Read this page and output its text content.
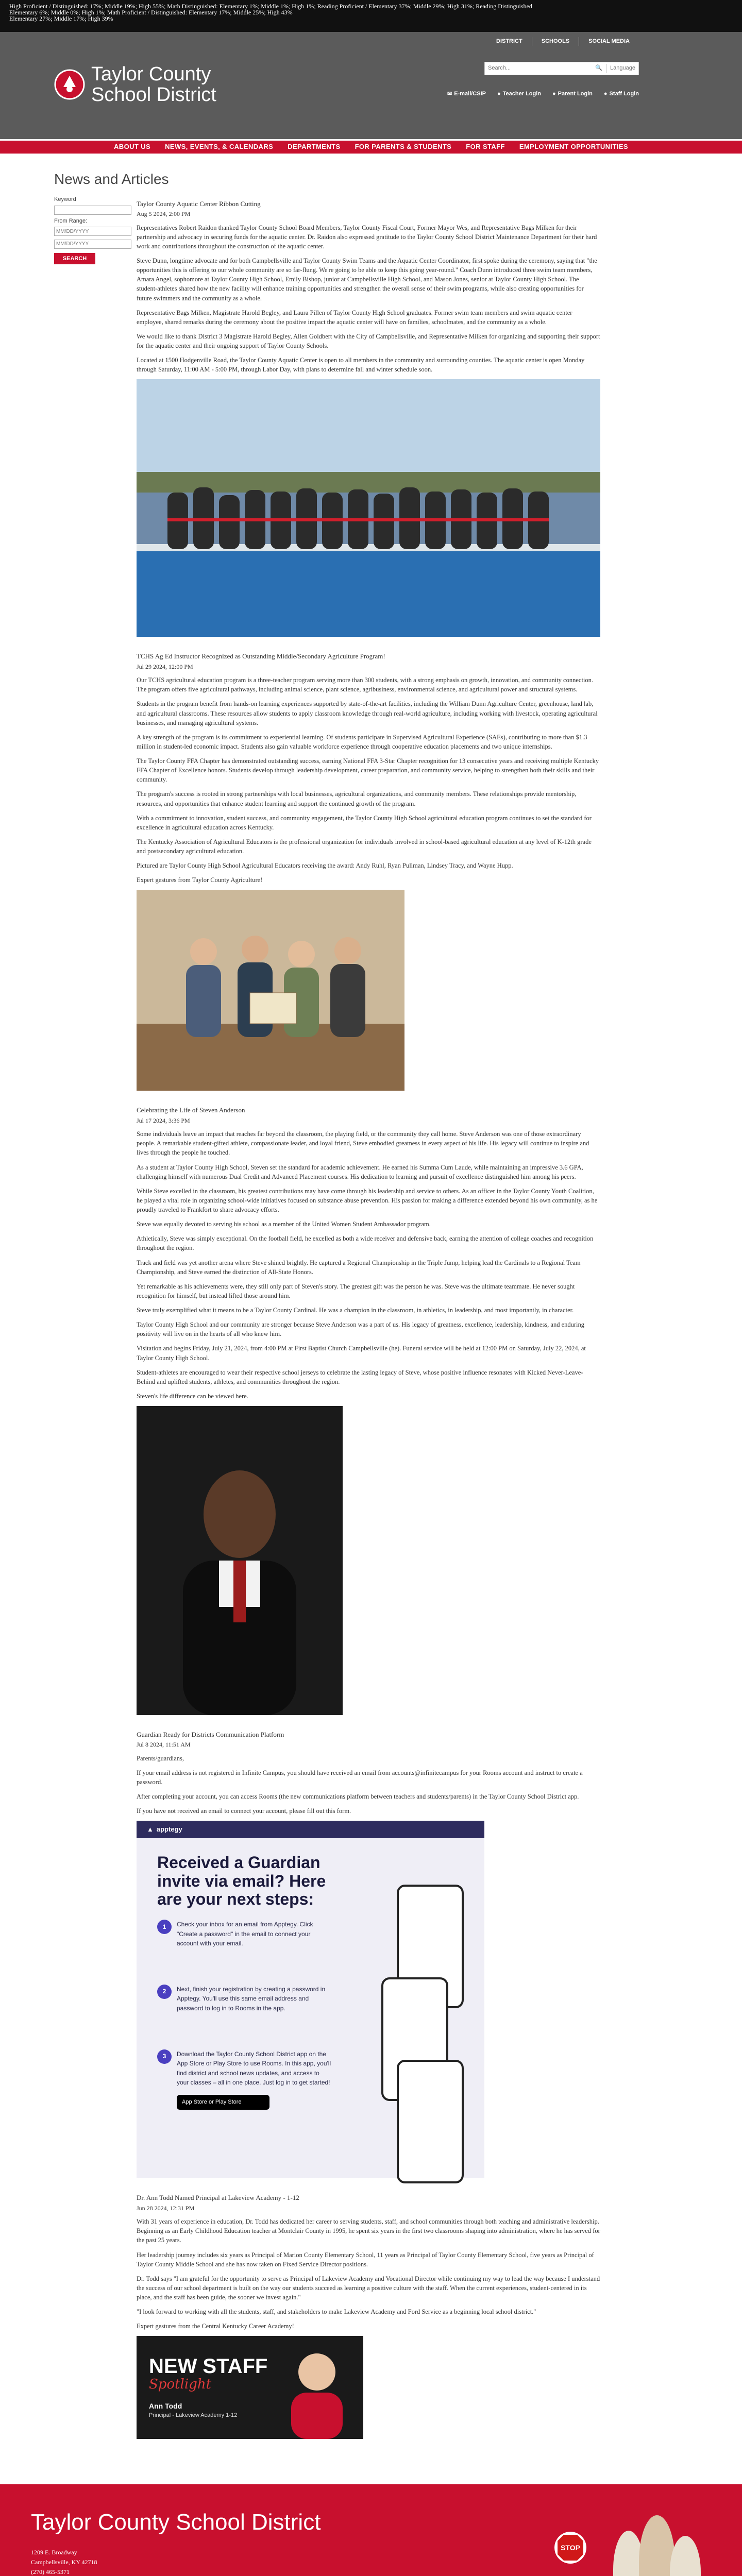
High Proficient / Distinguished: 17%; Middle 19%; High 55%; Math Distinguished: Elementary 1%; Middle 1%; High 1%; Reading Proficient / Elementary 37%; Middle 29%; High 31%; Reading Distinguished
Elementary 6%; Middle 0%; High 1%; Math Proficient / Distinguished: Elementary 17%; Middle 25%; High 43%
Elementary 27%; Middle 17%; High 39%
DISTRICT	SCHOOLS	SOCIAL MEDIA
Taylor County
School District
Search...	🔍	Language
✉ E-mail/CSIP ● Teacher Login ● Parent Login ● Staff Login
ABOUT US	NEWS, EVENTS, & CALENDARS	DEPARTMENTS	FOR PARENTS & STUDENTS	FOR STAFF	EMPLOYMENT OPPORTUNITIES
News and Articles
Keyword
From Range:
MM/DD/YYYY
MM/DD/YYYY
SEARCH
Taylor County Aquatic Center Ribbon Cutting
Aug 5 2024, 2:00 PM

Representatives Robert Raidon thanked Taylor County School Board Members, Taylor County Fiscal Court, Former Mayor Wes, and Representative Bags Milken for their partnership and advocacy in securing funds for the aquatic center. Dr. Raidon also expressed gratitude to the Taylor County School District Maintenance Department for their hard work and contributions throughout the construction of the aquatic center.

Steve Dunn, longtime advocate and for both Campbellsville and Taylor County Swim Teams and the Aquatic Center Coordinator, first spoke during the ceremony, saying that "the opportunities this is offering to our whole community are so far-flung. We're going to be able to keep this going year-round." Coach Dunn introduced three swim team members, Amara Angel, sophomore at Taylor County High School, Emily Bishop, junior at Campbellsville High School, and Mason Jones, senior at Taylor County High School. The student-athletes shared how the new facility will enhance training opportunities and strengthen the overall sense of their swim programs, while also creating opportunities for future swimmers and the community as a whole.

Representative Bags Milken, Magistrate Harold Begley, and Laura Pillen of Taylor County High School graduates. Former swim team members and swim aquatic center employee, shared remarks during the ceremony about the positive impact the aquatic center will have on families, schoolmates, and the community as a whole.

We would like to thank District 3 Magistrate Harold Begley, Allen Goldbert with the City of Campbellsville, and Representative Milken for organizing and supporting their support for the aquatic center and their ongoing support of Taylor County Schools.

Located at 1500 Hodgenville Road, the Taylor County Aquatic Center is open to all members in the community and surrounding counties. The aquatic center is open Monday through Saturday, 11:00 AM - 5:00 PM, through Labor Day, with plans to determine fall and winter schedule soon.

TCHS Ag Ed Instructor Recognized as Outstanding Middle/Secondary Agriculture Program!
Jul 29 2024, 12:00 PM

Our TCHS agricultural education program is a three-teacher program serving more than 300 students, with a strong emphasis on growth, innovation, and community connection. The program offers five agricultural pathways, including animal science, plant science, agribusiness, environmental science, and agricultural power and structural systems.

Students in the program benefit from hands-on learning experiences supported by state-of-the-art facilities, including the William Dunn Agriculture Center, greenhouse, land lab, and agricultural classrooms. These resources allow students to apply classroom knowledge through real-world agriculture, including working with livestock, operating agricultural businesses, and managing agricultural systems.

A key strength of the program is its commitment to experiential learning. Of students participate in Supervised Agricultural Experience (SAEs), contributing to more than $1.3 million in student-led economic impact. Students also gain valuable workforce experience through cooperative education placements and two unique internships.

The Taylor County FFA Chapter has demonstrated outstanding success, earning National FFA 3-Star Chapter recognition for 13 consecutive years and receiving multiple Kentucky FFA Chapter of Excellence honors. Students develop through leadership development, career preparation, and community service, helping to strengthen both their skills and their community.

The program's success is rooted in strong partnerships with local businesses, agricultural organizations, and community members. These relationships provide mentorship, resources, and opportunities that enhance student learning and support the continued growth of the program.

With a commitment to innovation, student success, and community engagement, the Taylor County High School agricultural education program continues to set the standard for excellence in agricultural education across Kentucky.

The Kentucky Association of Agricultural Educators is the professional organization for individuals involved in school-based agricultural education at any level of K-12th grade and postsecondary agricultural education.

Pictured are Taylor County High School Agricultural Educators receiving the award: Andy Ruhl, Ryan Pullman, Lindsey Tracy, and Wayne Hupp.

Expert gestures from Taylor County Agriculture!

Celebrating the Life of Steven Anderson
Jul 17 2024, 3:36 PM

Some individuals leave an impact that reaches far beyond the classroom, the playing field, or the community they call home. Steve Anderson was one of those extraordinary people. A remarkable student-gifted athlete, compassionate leader, and loyal friend, Steve embodied greatness in every aspect of his life. His legacy will continue to inspire and lives through the people he touched.

As a student at Taylor County High School, Steven set the standard for academic achievement. He earned his Summa Cum Laude, while maintaining an impressive 3.6 GPA, challenging himself with numerous Dual Credit and Advanced Placement courses. His dedication to learning and pursuit of excellence distinguished him among his peers.

While Steve excelled in the classroom, his greatest contributions may have come through his leadership and service to others. As an officer in the Taylor County Youth Coalition, he played a vital role in organizing school-wide initiatives focused on substance abuse prevention. His passion for making a difference extended beyond his own community, as he proudly traveled to Frankfort to share advocacy efforts.

Steve was equally devoted to serving his school as a member of the United Women Student Ambassador program.

Athletically, Steve was simply exceptional. On the football field, he excelled as both a wide receiver and defensive back, earning the attention of college coaches and recognition throughout the region.

Track and field was yet another arena where Steve shined brightly. He captured a Regional Championship in the Triple Jump, helping lead the Cardinals to a Regional Team Championship, and Steve earned the distinction of All-State Honors.

Yet remarkable as his achievements were, they still only part of Steven's story. The greatest gift was the person he was. Steve was the ultimate teammate. He never sought recognition for himself, but instead lifted those around him.

Steve truly exemplified what it means to be a Taylor County Cardinal. He was a champion in the classroom, in athletics, in leadership, and most importantly, in character.

Taylor County High School and our community are stronger because Steve Anderson was a part of us. His legacy of greatness, excellence, leadership, kindness, and enduring positivity will live on in the hearts of all who knew him.

Visitation and begins Friday, July 21, 2024, from 4:00 PM at First Baptist Church Campbellsville (he). Funeral service will be held at 12:00 PM on Saturday, July 22, 2024, at Taylor County High School.

Student-athletes are encouraged to wear their respective school jerseys to celebrate the lasting legacy of Steve, whose positive influence resonates with Kicked Never-Leave-Behind and uplifted students, athletes, and communities throughout the region.

Steven's life difference can be viewed here.

Guardian Ready for Districts Communication Platform
Jul 8 2024, 11:51 AM

Parents/guardians,

If your email address is not registered in Infinite Campus, you should have received an email from accounts@infinitecampus for your Rooms account and instruct to create a password.

After completing your account, you can access Rooms (the new communications platform between teachers and students/parents) in the Taylor County School District app.

If you have not received an email to connect your account, please fill out this form.

▲ apptegy
Received a Guardian invite via email? Here are your next steps:
1	Check your inbox for an email from Apptegy. Click "Create a password" in the email to connect your account with your email.
2	Next, finish your registration by creating a password in Apptegy. You'll use this same email address and password to log in to Rooms in the app.
3	Download the Taylor County School District app on the App Store or Play Store to use Rooms. In this app, you'll find district and school news updates, and access to your classes – all in one place. Just log in to get started!
App Store or Play Store
Dr. Ann Todd Named Principal at Lakeview Academy - 1-12
Jun 28 2024, 12:31 PM

With 31 years of experience in education, Dr. Todd has dedicated her career to serving students, staff, and school communities through both teaching and administrative leadership. Beginning as an Early Childhood Education teacher at Montclair County in 1995, he spent six years in the first two classrooms shaping into administration, where he has served for the past 25 years.

Her leadership journey includes six years as Principal of Marion County Elementary School, 11 years as Principal of Taylor County Elementary School, five years as Principal of Taylor County Middle School and she has now taken on Fixed Service Director positions.

Dr. Todd says "I am grateful for the opportunity to serve as Principal of Lakeview Academy and Vocational Director while continuing my way to lead the way because I understand the success of our school department is built on the way our students succeed as learning a positive culture with the staff. When the current experiences, student-centered in its place, and the staff has been guide, the sooner we invest again."

"I look forward to working with all the students, staff, and stakeholders to make Lakeview Academy and Ford Service as a beginning local school district."

Expert gestures from the Central Kentucky Career Academy!

NEW STAFF
Spotlight
Ann Todd
Principal - Lakeview Academy 1-12
Taylor County School District
1209 E. Broadway
Campbellsville, KY 42718
(270) 465-5371
STOP
